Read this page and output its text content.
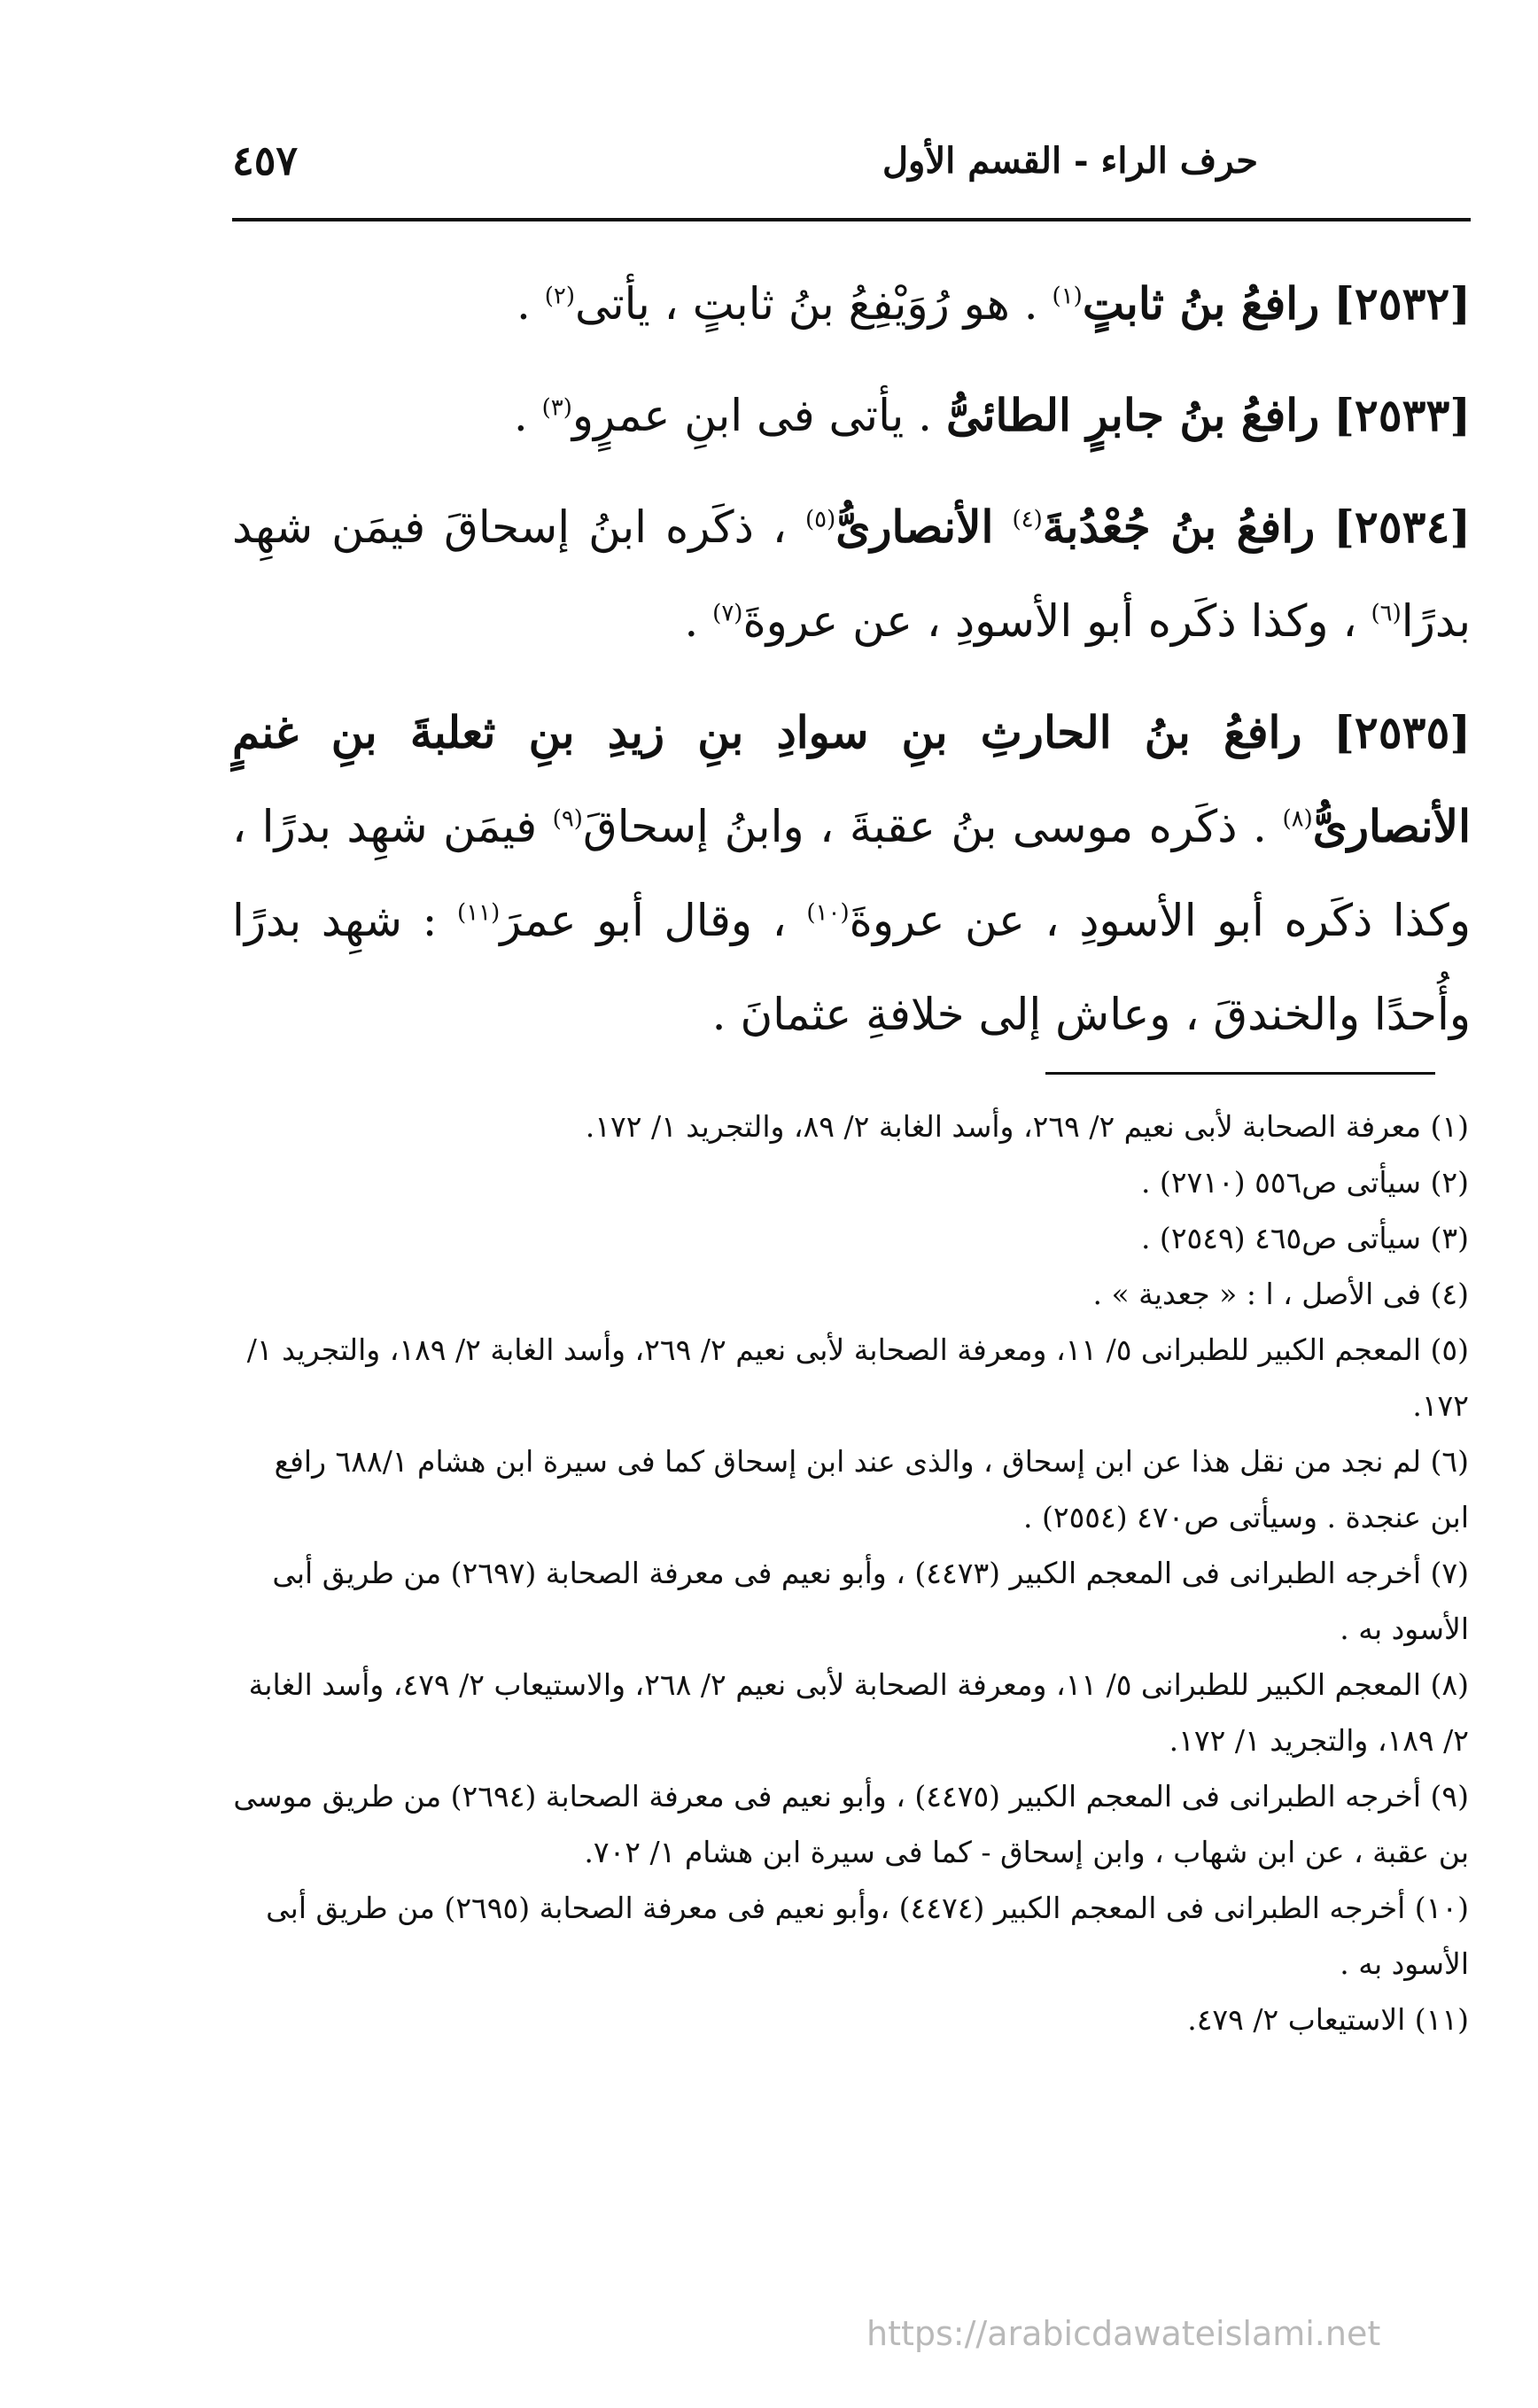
حرف الراء - القسم الأول
٤٥٧

[٢٥٣٢] رافعُ بنُ ثابتٍ$^{(١)}$ . هو رُوَيْفِعُ بنُ ثابتٍ ، يأتى$^{(٢)}$ .

[٢٥٣٣] رافعُ بنُ جابرٍ الطائىُّ . يأتى فى ابنِ عمرٍو$^{(٣)}$ .

[٢٥٣٤] رافعُ بنُ جُعْدُبةَ$^{(٤)}$ الأنصارىُّ$^{(٥)}$ ، ذكَره ابنُ إسحاقَ فيمَن شهِد بدرًا$^{(٦)}$ ، وكذا ذكَره أبو الأسودِ ، عن عروةَ$^{(٧)}$ .

[٢٥٣٥] رافعُ بنُ الحارثِ بنِ سوادِ بنِ زيدِ بنِ ثعلبةَ بنِ غنمٍ الأنصارىُّ$^{(٨)}$ . ذكَره موسى بنُ عقبةَ ، وابنُ إسحاقَ$^{(٩)}$ فيمَن شهِد بدرًا ، وكذا ذكَره أبو الأسودِ ، عن عروةَ$^{(١٠)}$ ، وقال أبو عمرَ$^{(١١)}$ : شهِد بدرًا وأُحدًا والخندقَ ، وعاش إلى خلافةِ عثمانَ .

(١) معرفة الصحابة لأبى نعيم ٢/ ٢٦٩، وأسد الغابة ٢/ ٨٩، والتجريد ١/ ١٧٢.

(٢) سيأتى ص٥٥٦ (٢٧١٠) .

(٣) سيأتى ص٤٦٥ (٢٥٤٩) .

(٤) فى الأصل ، ا : « جعدية » .

(٥) المعجم الكبير للطبرانى ٥/ ١١، ومعرفة الصحابة لأبى نعيم ٢/ ٢٦٩، وأسد الغابة ٢/ ١٨٩، والتجريد ١/ ١٧٢.

(٦) لم نجد من نقل هذا عن ابن إسحاق ، والذى عند ابن إسحاق كما فى سيرة ابن هشام ٦٨٨/١ رافع ابن عنجدة . وسيأتى ص٤٧٠ (٢٥٥٤) .

(٧) أخرجه الطبرانى فى المعجم الكبير (٤٤٧٣) ، وأبو نعيم فى معرفة الصحابة (٢٦٩٧) من طريق أبى الأسود به .

(٨) المعجم الكبير للطبرانى ٥/ ١١، ومعرفة الصحابة لأبى نعيم ٢/ ٢٦٨، والاستيعاب ٢/ ٤٧٩، وأسد الغابة ٢/ ١٨٩، والتجريد ١/ ١٧٢.

(٩) أخرجه الطبرانى فى المعجم الكبير (٤٤٧٥) ، وأبو نعيم فى معرفة الصحابة (٢٦٩٤) من طريق موسى بن عقبة ، عن ابن شهاب ، وابن إسحاق - كما فى سيرة ابن هشام ١/ ٧٠٢.

(١٠) أخرجه الطبرانى فى المعجم الكبير (٤٤٧٤) ،وأبو نعيم فى معرفة الصحابة (٢٦٩٥) من طريق أبى الأسود به .

(١١) الاستيعاب ٢/ ٤٧٩.

https://arabicdawateislami.net
